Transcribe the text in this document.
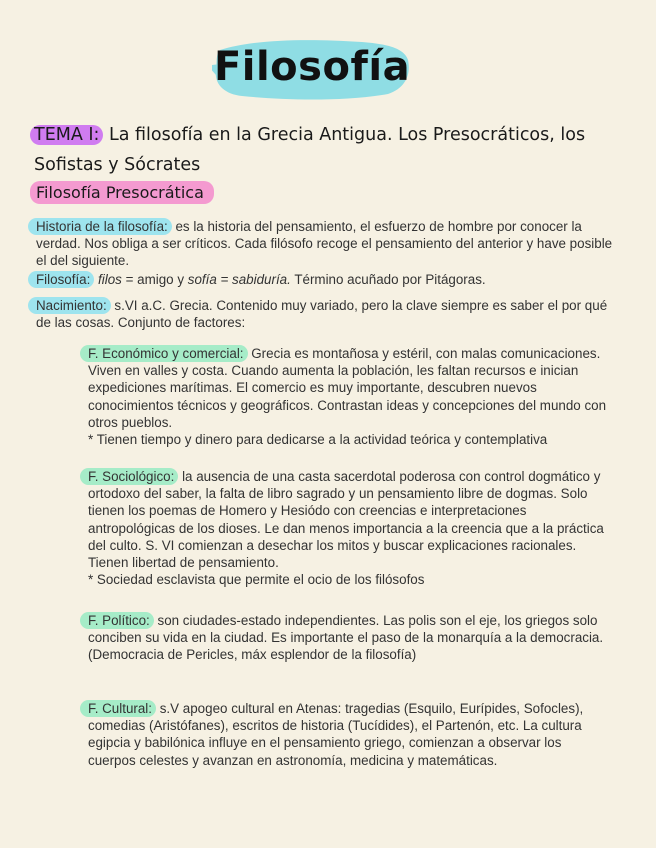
Filosofía
TEMA I: La filosofía en la Grecia Antigua. Los Presocráticos, los Sofistas y Sócrates
Filosofía Presocrática

Historia de la filosofía: es la historia del pensamiento, el esfuerzo de hombre por conocer la verdad. Nos obliga a ser críticos. Cada filósofo recoge el pensamiento del anterior y have posible el del siguiente.

Filosofía: filos = amigo y sofía = sabiduría. Término acuñado por Pitágoras.

Nacimiento: s.VI a.C. Grecia. Contenido muy variado, pero la clave siempre es saber el por qué de las cosas. Conjunto de factores:

F. Económico y comercial: Grecia es montañosa y estéril, con malas comunicaciones. Viven en valles y costa. Cuando aumenta la población, les faltan recursos e inician expediciones marítimas. El comercio es muy importante, descubren nuevos conocimientos técnicos y geográficos. Contrastan ideas y concepciones del mundo con otros pueblos.
* Tienen tiempo y dinero para dedicarse a la actividad teórica y contemplativa

F. Sociológico: la ausencia de una casta sacerdotal poderosa con control dogmático y ortodoxo del saber, la falta de libro sagrado y un pensamiento libre de dogmas. Solo tienen los poemas de Homero y Hesiódo con creencias e interpretaciones antropológicas de los dioses. Le dan menos importancia a la creencia que a la práctica del culto. S. VI comienzan a desechar los mitos y buscar explicaciones racionales. Tienen libertad de pensamiento.
* Sociedad esclavista que permite el ocio de los filósofos

F. Político: son ciudades-estado independientes. Las polis son el eje, los griegos solo conciben su vida en la ciudad. Es importante el paso de la monarquía a la democracia. (Democracia de Pericles, máx esplendor de la filosofía)

F. Cultural: s.V apogeo cultural en Atenas: tragedias (Esquilo, Eurípides, Sofocles), comedias (Aristófanes), escritos de historia (Tucídides), el Partenón, etc. La cultura egipcia y babilónica influye en el pensamiento griego, comienzan a observar los cuerpos celestes y avanzan en astronomía, medicina y matemáticas.
